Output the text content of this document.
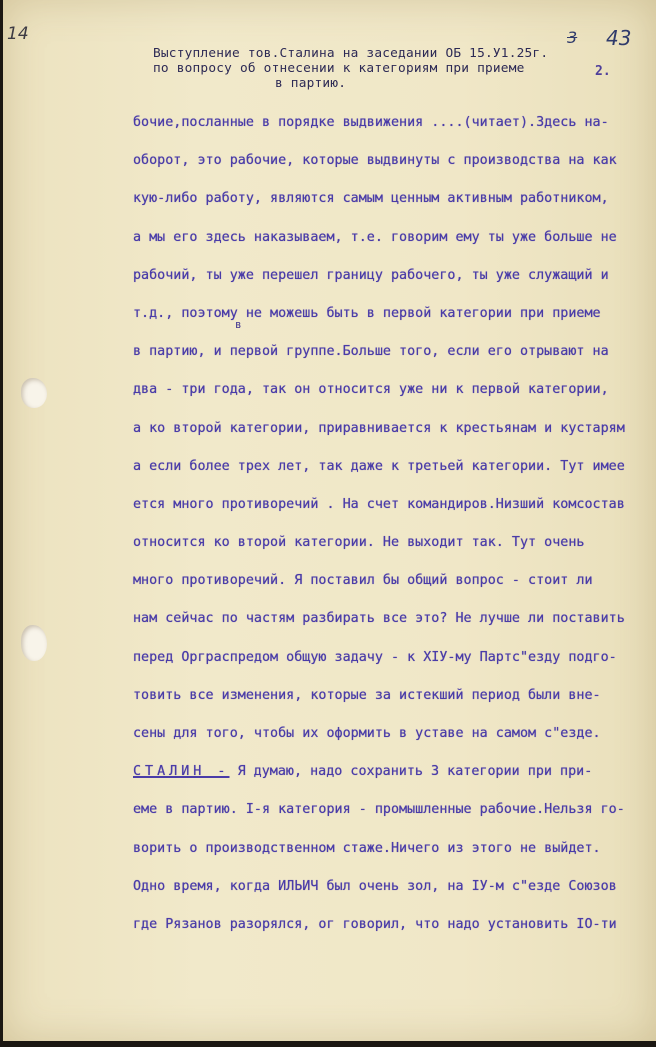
14	3 43
Выступление тов.Сталина на заседании ОБ 15.У1.25г.
по вопросу об отнесении к категориям при приеме
в партию.
2.
в
бочие,посланные в порядке выдвижения ....(читает).Здесь на-
оборот, это рабочие, которые выдвинуты с производства на как
кую-либо работу, являются самым ценным активным работником,
а мы его здесь наказываем, т.е. говорим ему ты уже больше не
рабочий, ты уже перешел границу рабочего, ты уже служащий и
т.д., поэтому не можешь быть в первой категории при приеме
в партию, и первой группе.Больше того, если его отрывают на
два - три года, так он относится уже ни к первой категории,
а ко второй категории, приравнивается к крестьянам и кустарям
а если более трех лет, так даже к третьей категории. Тут имее
ется много противоречий . На счет командиров.Низший комсостав
относится ко второй категории. Не выходит так. Тут очень
много противоречий. Я поставил бы общий вопрос - стоит ли
нам сейчас по частям разбирать все это? Не лучше ли поставить
перед Орграспредом общую задачу - к XIУ-му Партс"езду подго-
товить все изменения, которые за истекший период были вне-
сены для того, чтобы их оформить в уставе на самом с"езде.
СТАЛИН - Я думаю, надо сохранить 3 категории при при-
еме в партию. I-я категория - промышленные рабочие.Нельзя го-
ворить о производственном стаже.Ничего из этого не выйдет.
Одно время, когда ИЛЬИЧ был очень зол, на IУ-м с"езде Союзов
где Рязанов разорялся, ог говорил, что надо установить IO-ти
